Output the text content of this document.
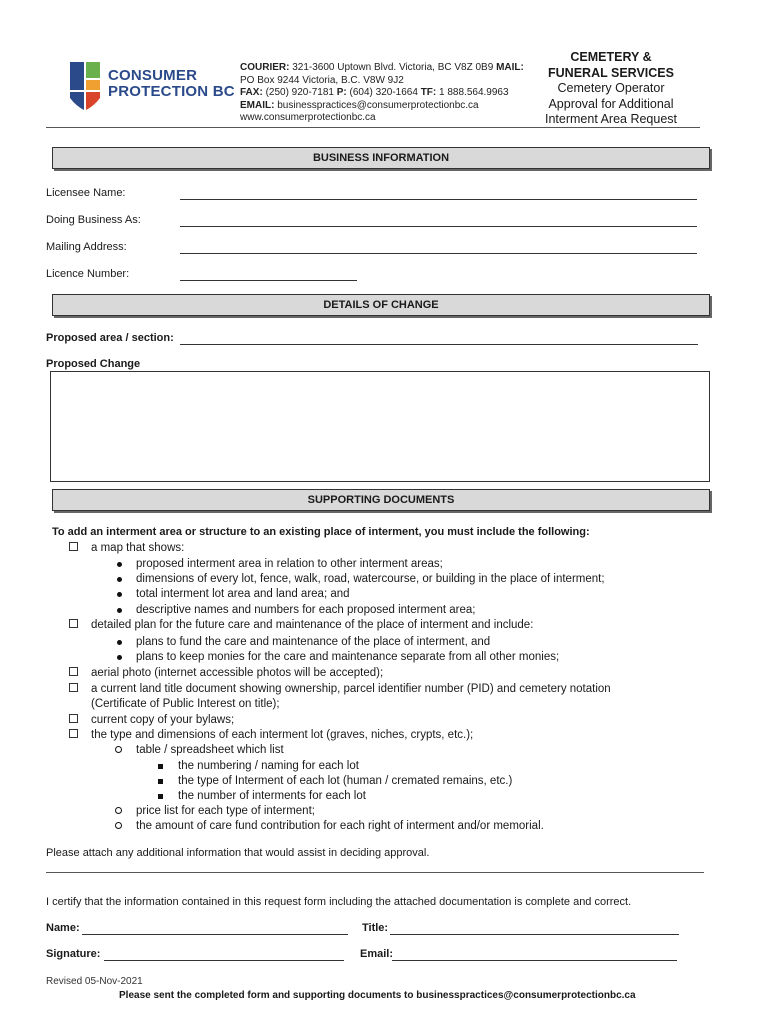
CONSUMER
PROTECTION BC
COURIER: 321-3600 Uptown Blvd. Victoria, BC V8Z 0B9 MAIL:
PO Box 9244 Victoria, B.C. V8W 9J2
FAX: (250) 920-7181 P: (604) 320-1664 TF: 1 888.564.9963
EMAIL: businesspractices@consumerprotectionbc.ca
www.consumerprotectionbc.ca
CEMETERY &
FUNERAL SERVICES
Cemetery Operator
Approval for Additional
Interment Area Request
BUSINESS INFORMATION
Licensee Name:
Doing Business As:
Mailing Address:
Licence Number:
DETAILS OF CHANGE
Proposed area / section:
Proposed Change
SUPPORTING DOCUMENTS
To add an interment area or structure to an existing place of interment, you must include the following:
a map that shows:
proposed interment area in relation to other interment areas;
dimensions of every lot, fence, walk, road, watercourse, or building in the place of interment;
total interment lot area and land area; and
descriptive names and numbers for each proposed interment area;
detailed plan for the future care and maintenance of the place of interment and include:
plans to fund the care and maintenance of the place of interment, and
plans to keep monies for the care and maintenance separate from all other monies;
aerial photo (internet accessible photos will be accepted);
a current land title document showing ownership, parcel identifier number (PID) and cemetery notation
(Certificate of Public Interest on title);
current copy of your bylaws;
the type and dimensions of each interment lot (graves, niches, crypts, etc.);
table / spreadsheet which list
the numbering / naming for each lot
the type of Interment of each lot (human / cremated remains, etc.)
the number of interments for each lot
price list for each type of interment;
the amount of care fund contribution for each right of interment and/or memorial.
Please attach any additional information that would assist in deciding approval.
I certify that the information contained in this request form including the attached documentation is complete and correct.
Name:	Title:
Signature:	Email:
Revised 05-Nov-2021
Please sent the completed form and supporting documents to businesspractices@consumerprotectionbc.ca
